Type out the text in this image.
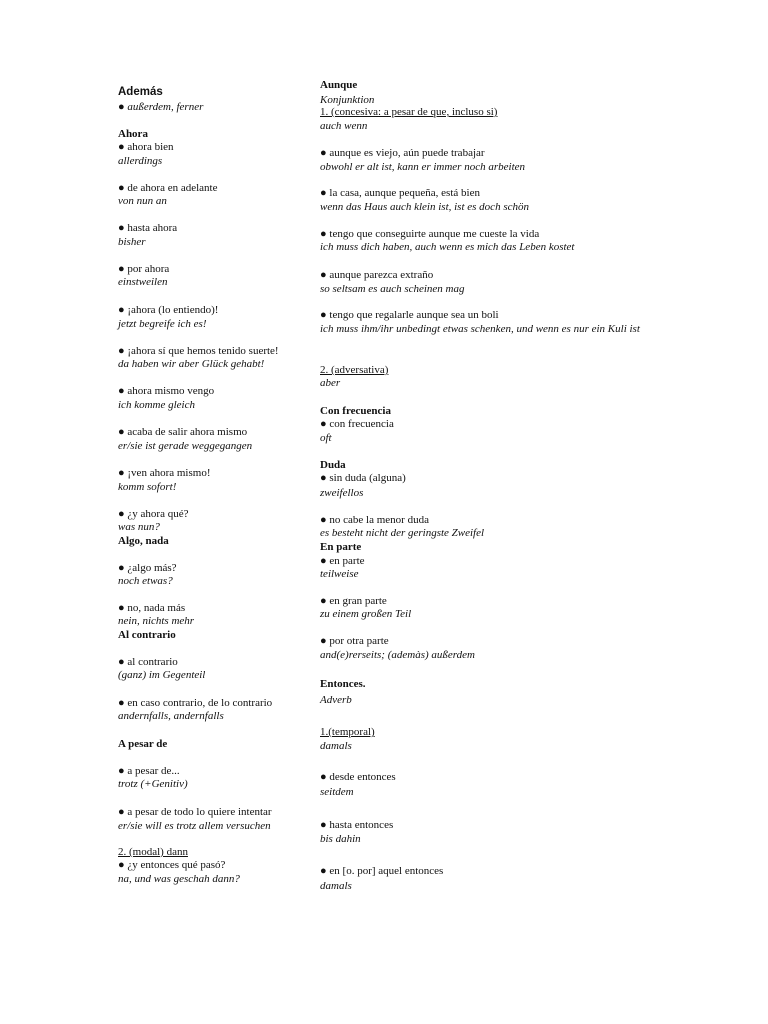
Además
● außerdem, ferner
Ahora
● ahora bien
allerdings
● de ahora en adelante
von nun an
● hasta ahora
bisher
● por ahora
einstweilen
● ¡ahora (lo entiendo)!
jetzt begreife ich es!
● ¡ahora sí que hemos tenido suerte!
da haben wir aber Glück gehabt!
● ahora mismo vengo
ich komme gleich
● acaba de salir ahora mismo
er/sie ist gerade weggegangen
● ¡ven ahora mismo!
komm sofort!
● ¿y ahora qué?
was nun?
Algo, nada
● ¿algo más?
noch etwas?
● no, nada más
nein, nichts mehr
Al contrario
● al contrario
(ganz) im Gegenteil
● en caso contrario, de lo contrario
andernfalls, andernfalls
A pesar de
● a pesar de...
trotz (+Genitiv)
● a pesar de todo lo quiere intentar
er/sie will es trotz allem versuchen
2. (modal) dann
● ¿y entonces qué pasó?
na, und was geschah dann?
Aunque
Konjunktion
1. (concesiva: a pesar de que, incluso si)
auch wenn
● aunque es viejo, aún puede trabajar
obwohl er alt ist, kann er immer noch arbeiten
● la casa, aunque pequeña, está bien
wenn das Haus auch klein ist, ist es doch schön
● tengo que conseguirte aunque me cueste la vida
ich muss dich haben, auch wenn es mich das Leben kostet
● aunque parezca extraño
so seltsam es auch scheinen mag
● tengo que regalarle aunque sea un boli
ich muss ihm/ihr unbedingt etwas schenken, und wenn es nur ein Kuli ist
2. (adversativa)
aber
Con frecuencia
● con frecuencia
oft
Duda
● sin duda (alguna)
zweifellos
● no cabe la menor duda
es besteht nicht der geringste Zweifel
En parte
● en parte
teilweise
● en gran parte
zu einem großen Teil
● por otra parte
and(e)rerseits; (ademàs) außerdem
Entonces.
Adverb
1.(temporal)
damals
● desde entonces
seitdem
● hasta entonces
bis dahin
● en [o. por] aquel entonces
damals
